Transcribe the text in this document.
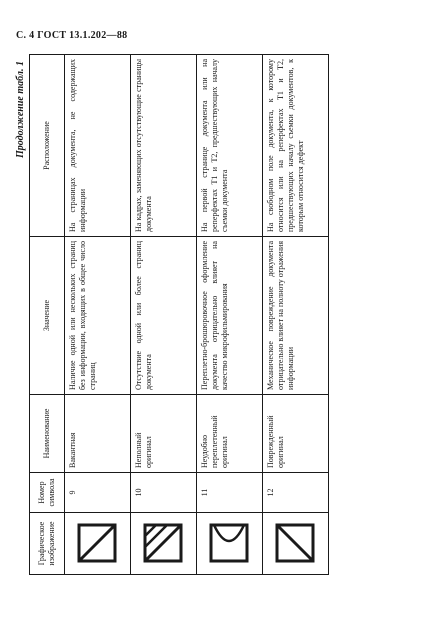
С. 4 ГОСТ 13.1.202—88
Продолжение табл. 1
Графическое изображение	Номер символа	Наименование	Значение	Расположение

	9	Вакантная	Наличие одной или нескольких страниц без информации, входящих в общее число страниц	На страницах документа, не содержащих информации

	10	Неполный оригинал	Отсутствие одной или более страниц документа	На кадрах, заменяющих отсутствующие страницы документа

	11	Неудобно переплетенный оригинал	Переплетно-брошюровочное оформление документа отрицательно влияет на качество микрофильмирования	На первой странице документа или на реперфектах Т1 и Т2, предшествующих началу съемки документа

	12	Поврежденный оригинал	Механическое повреждение документа отрицательно влияет на полноту отражения информации	На свободном поле документа, к которому относится или на реперфектах Т1 и Т2, предшествующих началу съемки документов, к которым относится дефект
